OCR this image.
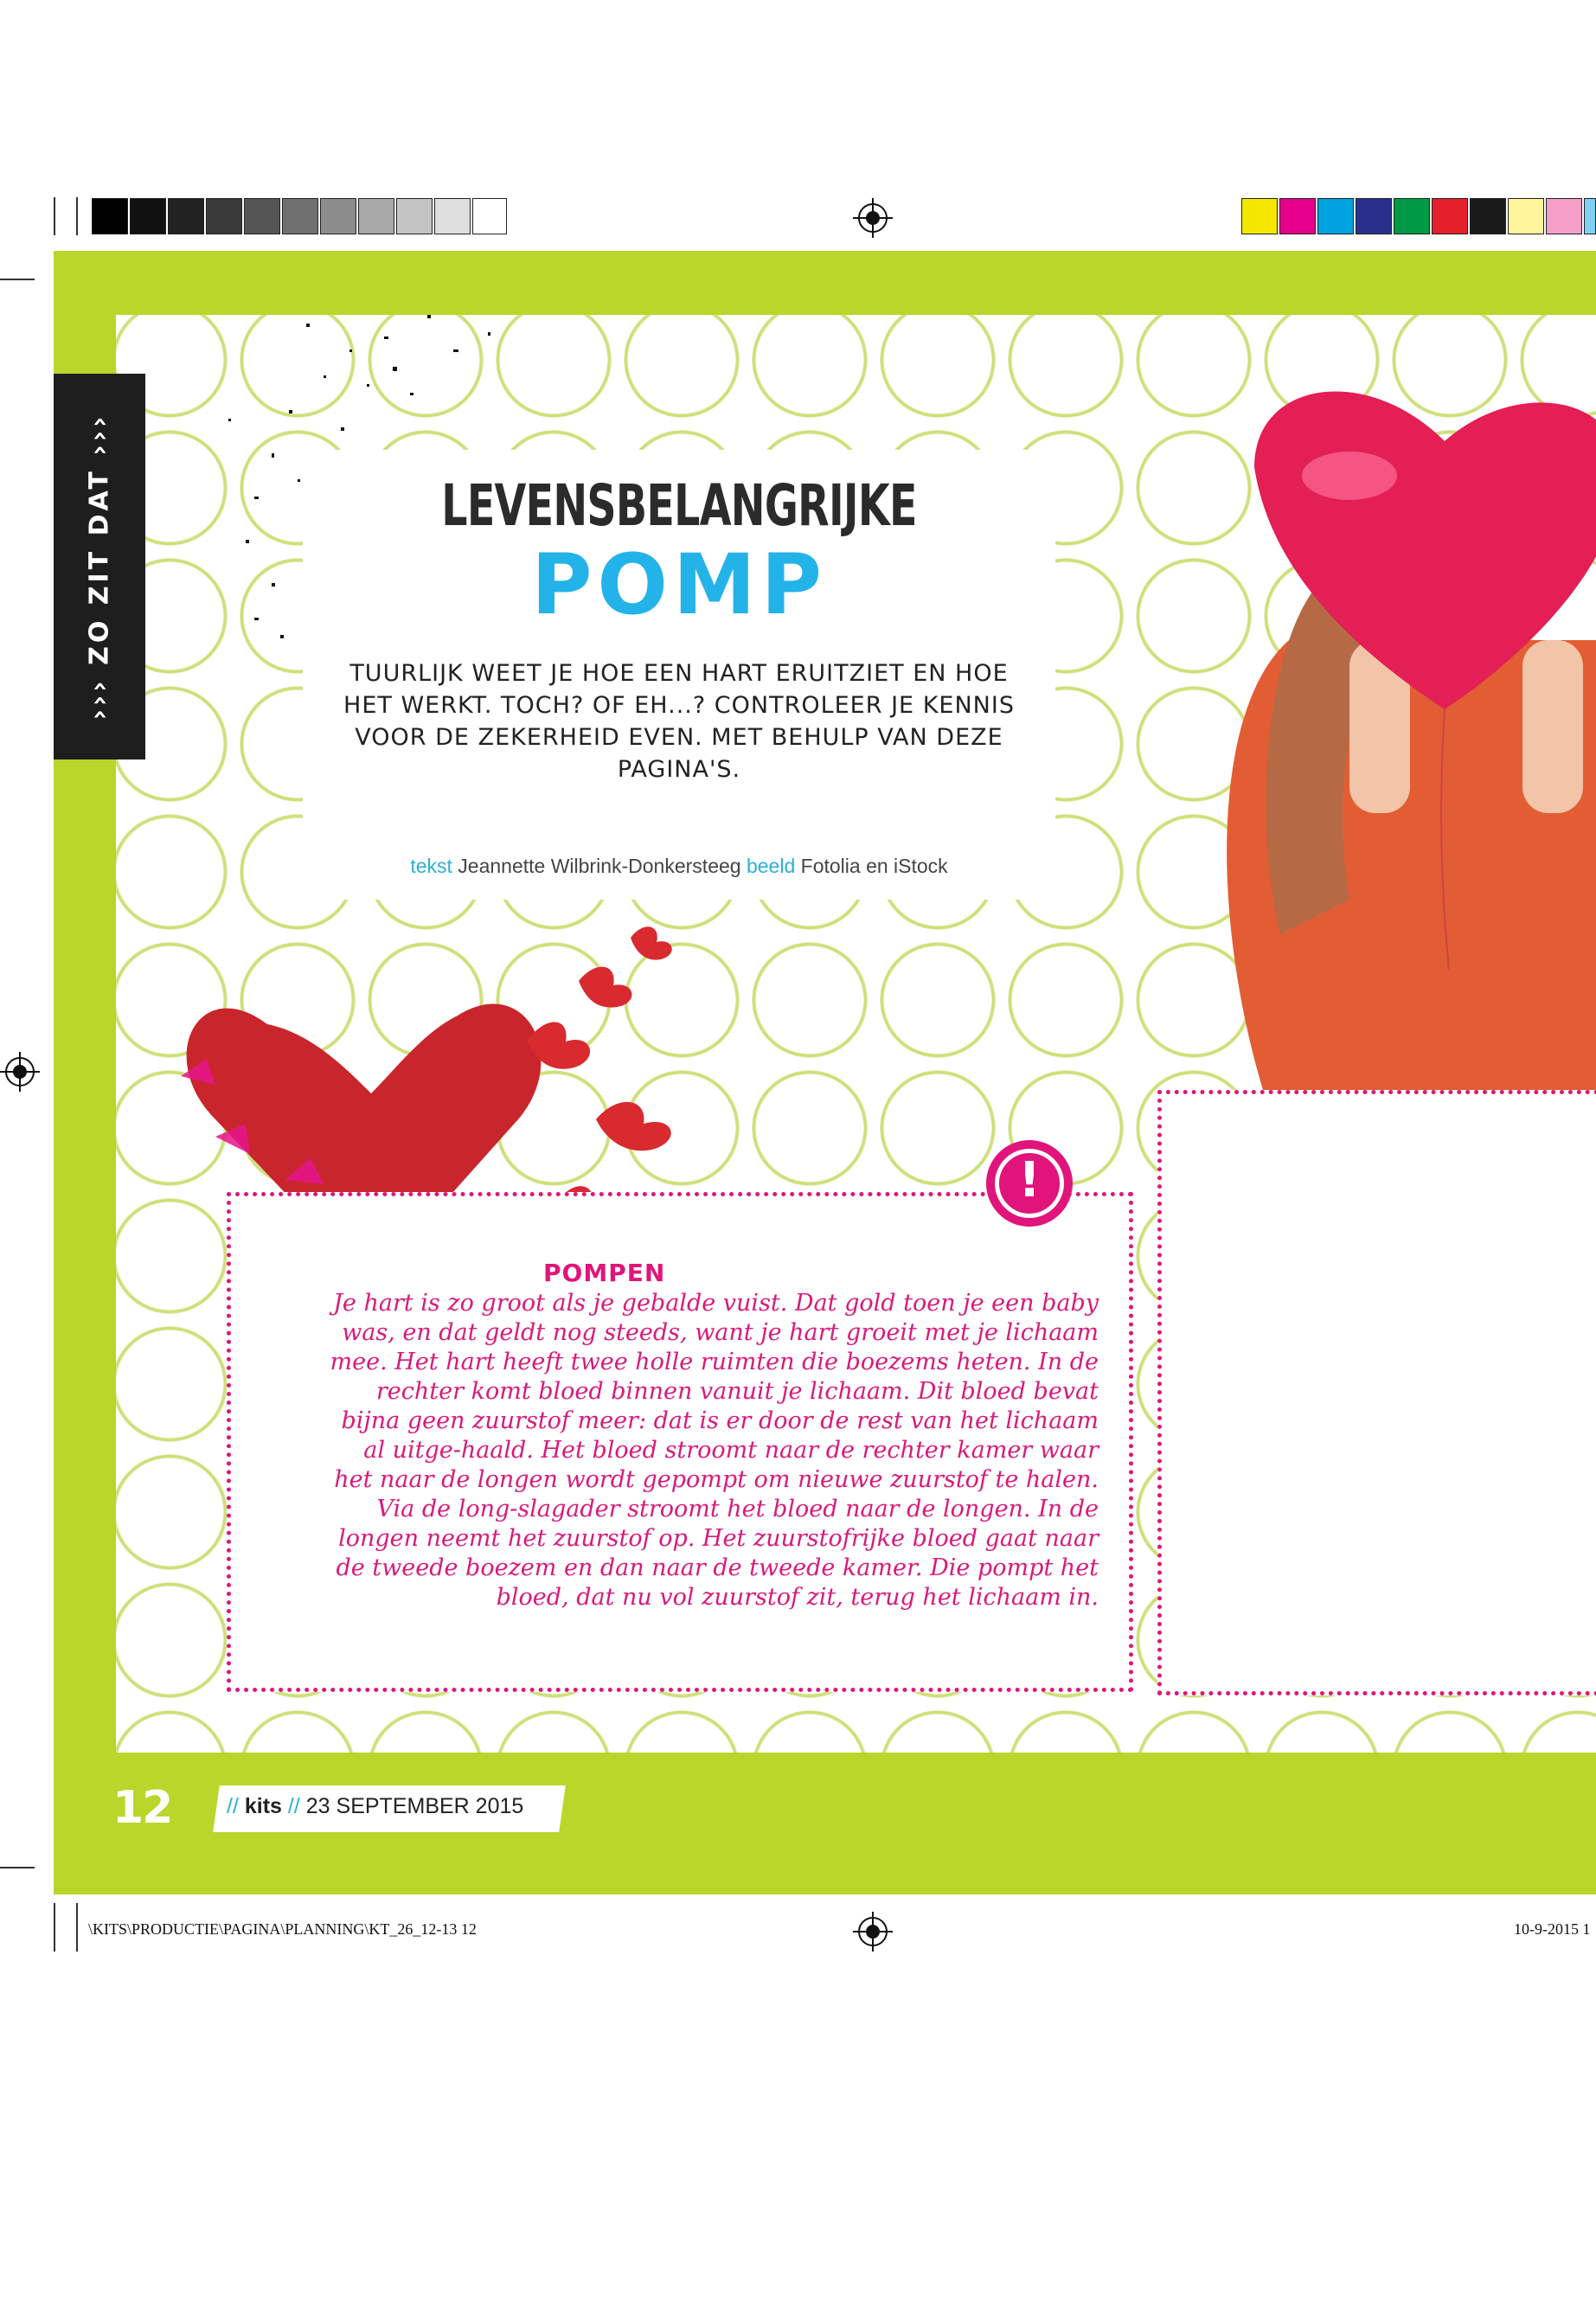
››› ZO ZIT DAT ›››	LEVENSBELANGRIJKE
POMP
TUURLIJK WEET JE HOE EEN HART ERUITZIET EN HOE HET WERKT. TOCH? OF EH...? CONTROLEER JE KENNIS VOOR DE ZEKERHEID EVEN. MET BEHULP VAN DEZE PAGINA'S.
tekst Jeannette Wilbrink-Donkersteeg beeld Fotolia en iStock
!
POMPEN
Je hart is zo groot als je gebalde vuist. Dat gold toen je een baby was, en dat geldt nog steeds, want je hart groeit met je lichaam mee. Het hart heeft twee holle ruimten die boezems heten. In de rechter komt bloed binnen vanuit je lichaam. Dit bloed bevat bijna geen zuurstof meer: dat is er door de rest van het lichaam al uitge-haald. Het bloed stroomt naar de rechter kamer waar het naar de longen wordt gepompt om nieuwe zuurstof te halen. Via de long-slagader stroomt het bloed naar de longen. In de longen neemt het zuurstof op. Het zuurstofrijke bloed gaat naar de tweede boezem en dan naar de tweede kamer. Die pompt het bloed, dat nu vol zuurstof zit, terug het lichaam in.
12	// kits // 23 SEPTEMBER 2015
\KITS\PRODUCTIE\PAGINA\PLANNING\KT_26_12-13 12	10-9-2015 1
